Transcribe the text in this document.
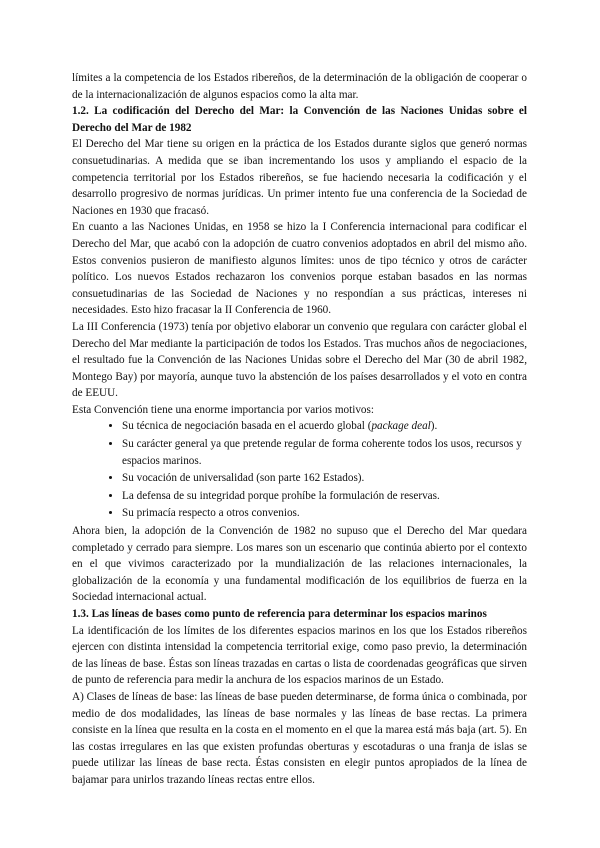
límites a la competencia de los Estados ribereños, de la determinación de la obligación de cooperar o de la internacionalización de algunos espacios como la alta mar.

1.2. La codificación del Derecho del Mar: la Convención de las Naciones Unidas sobre el Derecho del Mar de 1982

El Derecho del Mar tiene su origen en la práctica de los Estados durante siglos que generó normas consuetudinarias. A medida que se iban incrementando los usos y ampliando el espacio de la competencia territorial por los Estados ribereños, se fue haciendo necesaria la codificación y el desarrollo progresivo de normas jurídicas. Un primer intento fue una conferencia de la Sociedad de Naciones en 1930 que fracasó.

En cuanto a las Naciones Unidas, en 1958 se hizo la I Conferencia internacional para codificar el Derecho del Mar, que acabó con la adopción de cuatro convenios adoptados en abril del mismo año. Estos convenios pusieron de manifiesto algunos límites: unos de tipo técnico y otros de carácter político. Los nuevos Estados rechazaron los convenios porque estaban basados en las normas consuetudinarias de las Sociedad de Naciones y no respondían a sus prácticas, intereses ni necesidades. Esto hizo fracasar la II Conferencia de 1960.

La III Conferencia (1973) tenía por objetivo elaborar un convenio que regulara con carácter global el Derecho del Mar mediante la participación de todos los Estados. Tras muchos años de negociaciones, el resultado fue la Convención de las Naciones Unidas sobre el Derecho del Mar (30 de abril 1982, Montego Bay) por mayoría, aunque tuvo la abstención de los países desarrollados y el voto en contra de EEUU.

Esta Convención tiene una enorme importancia por varios motivos:

• Su técnica de negociación basada en el acuerdo global (package deal).
• Su carácter general ya que pretende regular de forma coherente todos los usos, recursos y espacios marinos.
• Su vocación de universalidad (son parte 162 Estados).
• La defensa de su integridad porque prohíbe la formulación de reservas.
• Su primacía respecto a otros convenios.

Ahora bien, la adopción de la Convención de 1982 no supuso que el Derecho del Mar quedara completado y cerrado para siempre. Los mares son un escenario que continúa abierto por el contexto en el que vivimos caracterizado por la mundialización de las relaciones internacionales, la globalización de la economía y una fundamental modificación de los equilibrios de fuerza en la Sociedad internacional actual.

1.3. Las líneas de bases como punto de referencia para determinar los espacios marinos

La identificación de los límites de los diferentes espacios marinos en los que los Estados ribereños ejercen con distinta intensidad la competencia territorial exige, como paso previo, la determinación de las líneas de base. Éstas son líneas trazadas en cartas o lista de coordenadas geográficas que sirven de punto de referencia para medir la anchura de los espacios marinos de un Estado.

A) Clases de líneas de base: las líneas de base pueden determinarse, de forma única o combinada, por medio de dos modalidades, las líneas de base normales y las líneas de base rectas. La primera consiste en la línea que resulta en la costa en el momento en el que la marea está más baja (art. 5). En las costas irregulares en las que existen profundas oberturas y escotaduras o una franja de islas se puede utilizar las líneas de base recta. Éstas consisten en elegir puntos apropiados de la línea de bajamar para unirlos trazando líneas rectas entre ellos.
